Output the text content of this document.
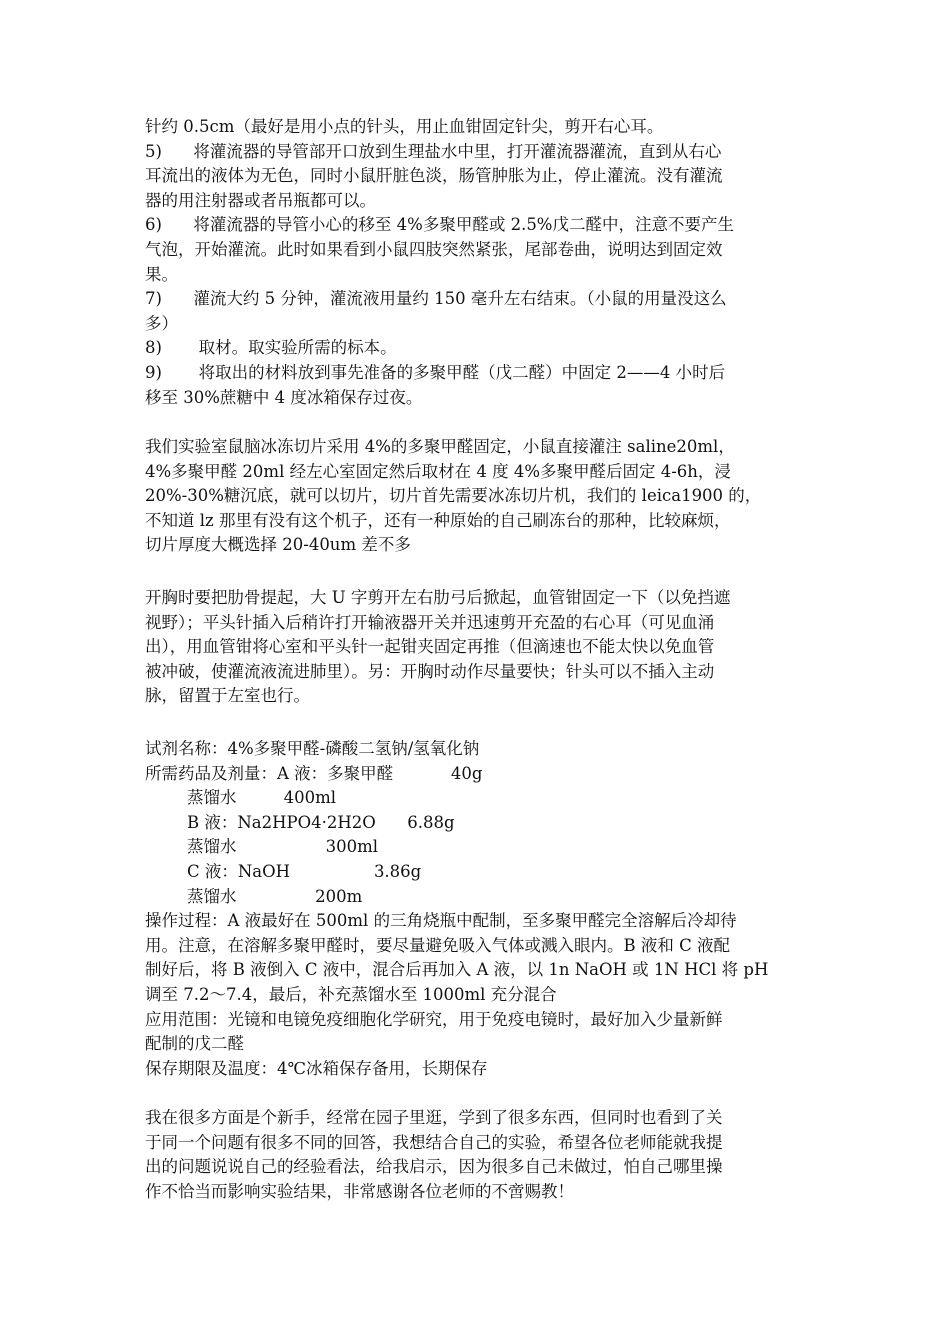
针约 0.5cm（最好是用小点的针头，用止血钳固定针尖，剪开右心耳。
5)      将灌流器的导管部开口放到生理盐水中里，打开灌流器灌流，直到从右心
耳流出的液体为无色，同时小鼠肝脏色淡，肠管肿胀为止，停止灌流。没有灌流
器的用注射器或者吊瓶都可以。
6)      将灌流器的导管小心的移至 4%多聚甲醛或 2.5%戊二醛中，注意不要产生
气泡，开始灌流。此时如果看到小鼠四肢突然紧张，尾部卷曲，说明达到固定效
果。
7)      灌流大约 5 分钟，灌流液用量约 150 毫升左右结束。（小鼠的用量没这么
多）
8)       取材。取实验所需的标本。
9)       将取出的材料放到事先准备的多聚甲醛（戊二醛）中固定 2——4 小时后
移至 30%蔗糖中 4 度冰箱保存过夜。
我们实验室鼠脑冰冻切片采用 4%的多聚甲醛固定，小鼠直接灌注 saline20ml，
4%多聚甲醛 20ml 经左心室固定然后取材在 4 度 4%多聚甲醛后固定 4-6h，浸
20%-30%糖沉底，就可以切片，切片首先需要冰冻切片机，我们的 leica1900 的，
不知道 lz 那里有没有这个机子，还有一种原始的自己刷冻台的那种，比较麻烦，
切片厚度大概选择 20-40um 差不多
开胸时要把肋骨提起，大 U 字剪开左右肋弓后掀起，血管钳固定一下（以免挡遮
视野）；平头针插入后稍许打开输液器开关并迅速剪开充盈的右心耳（可见血涌
出），用血管钳将心室和平头针一起钳夹固定再推（但滴速也不能太快以免血管
被冲破，使灌流液流进肺里）。另：开胸时动作尽量要快；针头可以不插入主动
脉，留置于左室也行。
试剂名称：4%多聚甲醛-磷酸二氢钠/氢氧化钠
所需药品及剂量：A 液：多聚甲醛           40g
蒸馏水         400ml
B 液：Na2HPO4·2H2O      6.88g
蒸馏水                 300ml
C 液：NaOH                3.86g
蒸馏水               200m
操作过程：A 液最好在 500ml 的三角烧瓶中配制，至多聚甲醛完全溶解后冷却待
用。注意，在溶解多聚甲醛时，要尽量避免吸入气体或溅入眼内。B 液和 C 液配
制好后，将 B 液倒入 C 液中，混合后再加入 A 液，以 1n NaOH 或 1N HCl 将 pH
调至 7.2～7.4，最后，补充蒸馏水至 1000ml 充分混合
应用范围：光镜和电镜免疫细胞化学研究，用于免疫电镜时，最好加入少量新鲜
配制的戊二醛
保存期限及温度：4℃冰箱保存备用，长期保存
我在很多方面是个新手，经常在园子里逛，学到了很多东西，但同时也看到了关
于同一个问题有很多不同的回答，我想结合自己的实验，希望各位老师能就我提
出的问题说说自己的经验看法，给我启示，因为很多自己未做过，怕自己哪里操
作不恰当而影响实验结果，非常感谢各位老师的不啻赐教！
